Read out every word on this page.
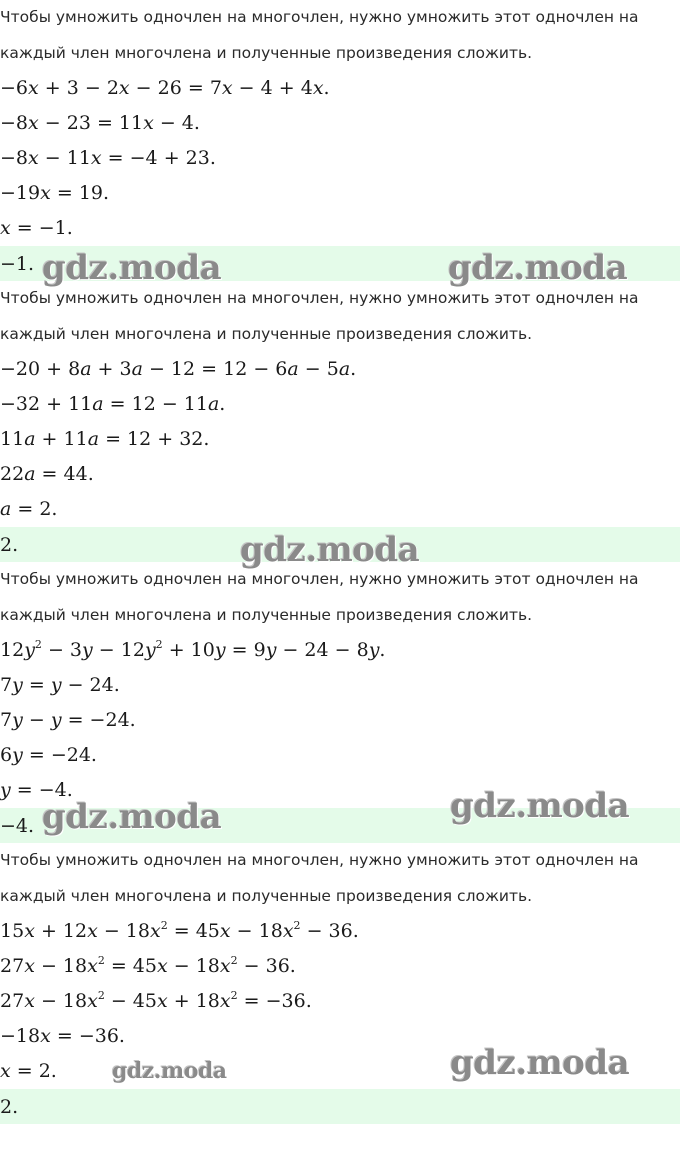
Чтобы умножить одночлен на многочлен, нужно умножить этот одночлен на
каждый член многочлена и полученные произведения сложить.
−6x + 3 − 2x − 26 = 7x − 4 + 4x.
−8x − 23 = 11x − 4.
−8x − 11x = −4 + 23.
−19x = 19.
x = −1.
−1. gdz.moda	gdz.moda
Чтобы умножить одночлен на многочлен, нужно умножить этот одночлен на
каждый член многочлена и полученные произведения сложить.
−20 + 8a + 3a − 12 = 12 − 6a − 5a.
−32 + 11a = 12 − 11a.
11a + 11a = 12 + 32.
22a = 44.
a = 2.
2.	gdz.moda
Чтобы умножить одночлен на многочлен, нужно умножить этот одночлен на
каждый член многочлена и полученные произведения сложить.
$12y^2 - 3y - 12y^2 + 10y = 9y - 24 - 8y$.
7y = y − 24.
7y − y = −24.
6y = −24.
y = −4.
−4. gdz.moda	gdz.moda
Чтобы умножить одночлен на многочлен, нужно умножить этот одночлен на
каждый член многочлена и полученные произведения сложить.
$15x + 12x - 18x^2 = 45x - 18x^2 - 36$.
$27x - 18x^2 = 45x - 18x^2 - 36$.
$27x - 18x^2 - 45x + 18x^2 = -36$.
−18x = −36.
x = 2.	gdz.moda	gdz.moda
2.
